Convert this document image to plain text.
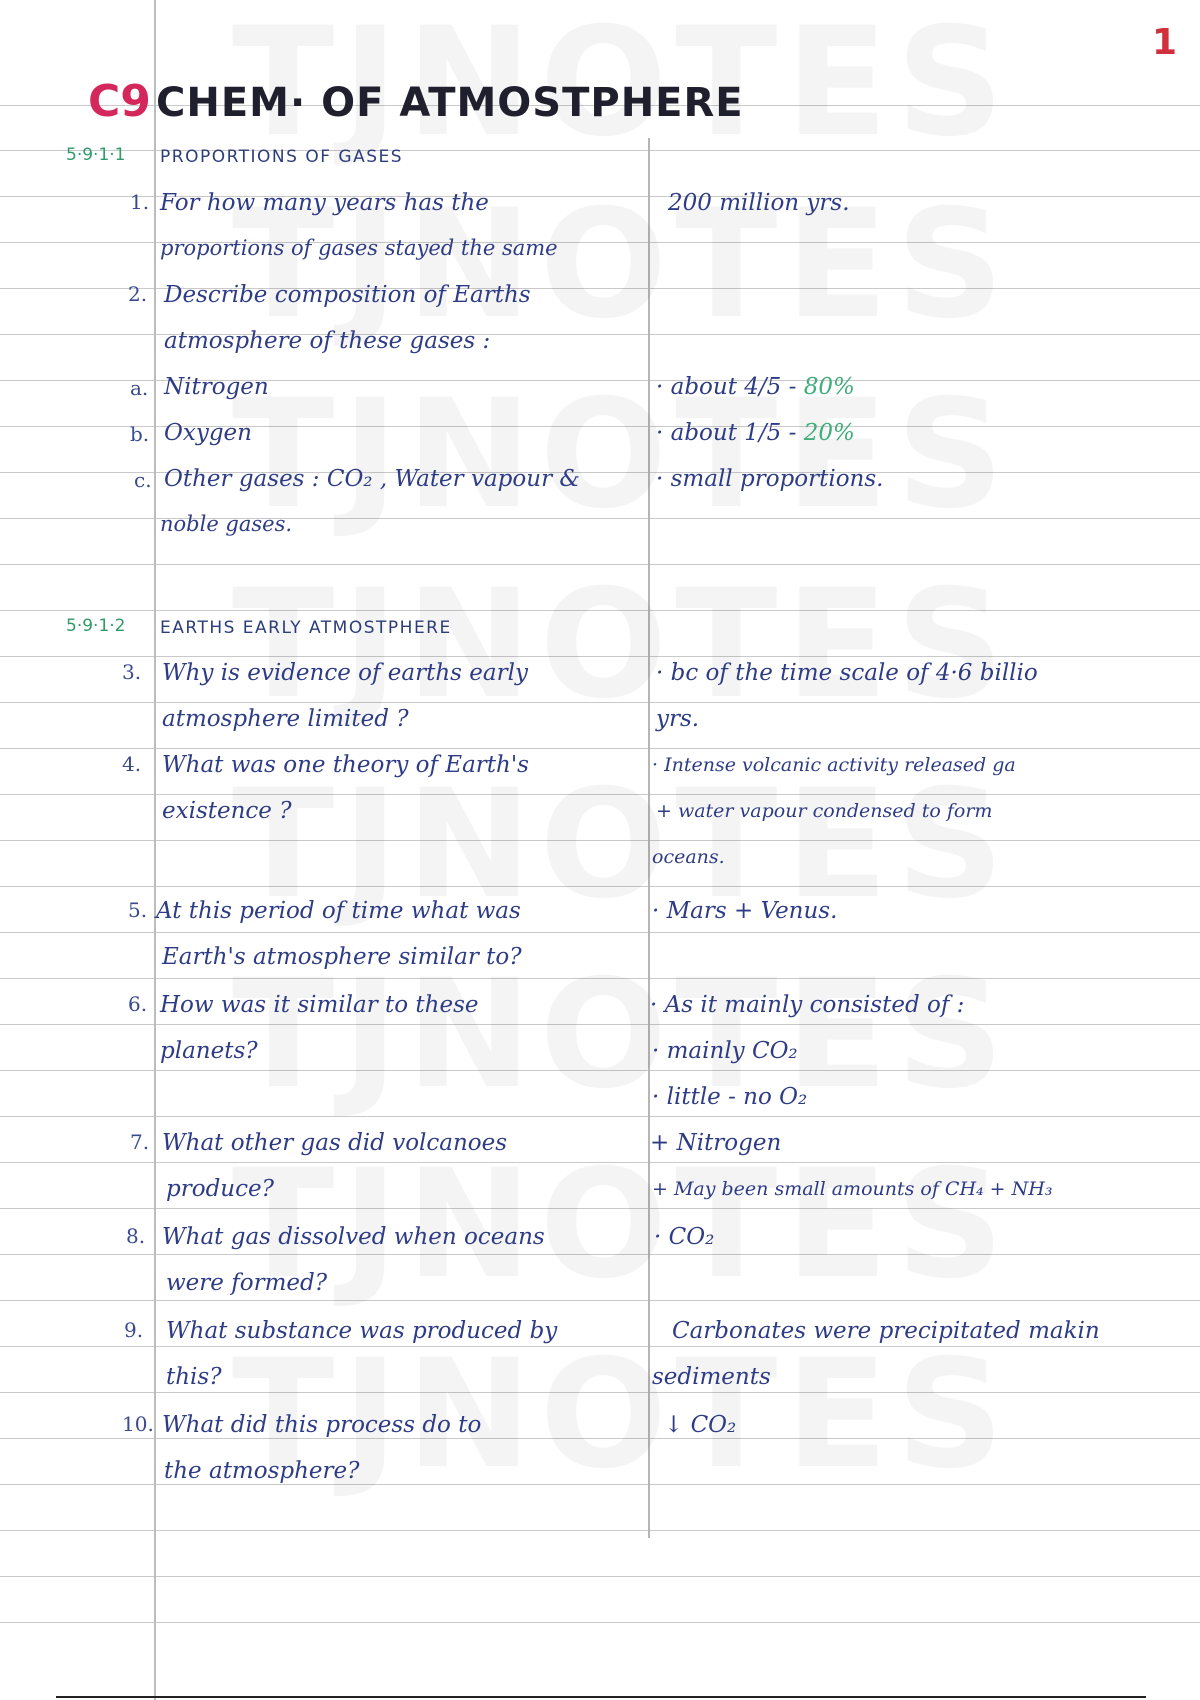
1
C9 CHEM· OF ATMOSTPHERE
5·9·1·1 PROPORTIONS OF GASES
1. For how many years has the
proportions of gases stayed the same
200 million yrs.
2. Describe composition of Earths
atmosphere of these gases :
a. Nitrogen	· about 4/5 - 80%
b. Oxygen	· about 1/5 - 20%
c. Other gases : CO₂ , Water vapour &
noble gases.
· small proportions.
5·9·1·2 EARTHS EARLY ATMOSTPHERE
3. Why is evidence of earths early
atmosphere limited ?
· bc of the time scale of 4·6 billio
yrs.
4. What was one theory of Earth's
existence ?
· Intense volcanic activity released ga
+ water vapour condensed to form
oceans.
5. At this period of time what was
Earth's atmosphere similar to?
· Mars + Venus.
6. How was it similar to these
planets?
· As it mainly consisted of :
· mainly CO₂
· little - no O₂
7. What other gas did volcanoes
produce?
+ Nitrogen
+ May been small amounts of CH₄ + NH₃
8. What gas dissolved when oceans
were formed?
· CO₂
9. What substance was produced by
this?
Carbonates were precipitated makin
sediments
10. What did this process do to
the atmosphere?
↓ CO₂
